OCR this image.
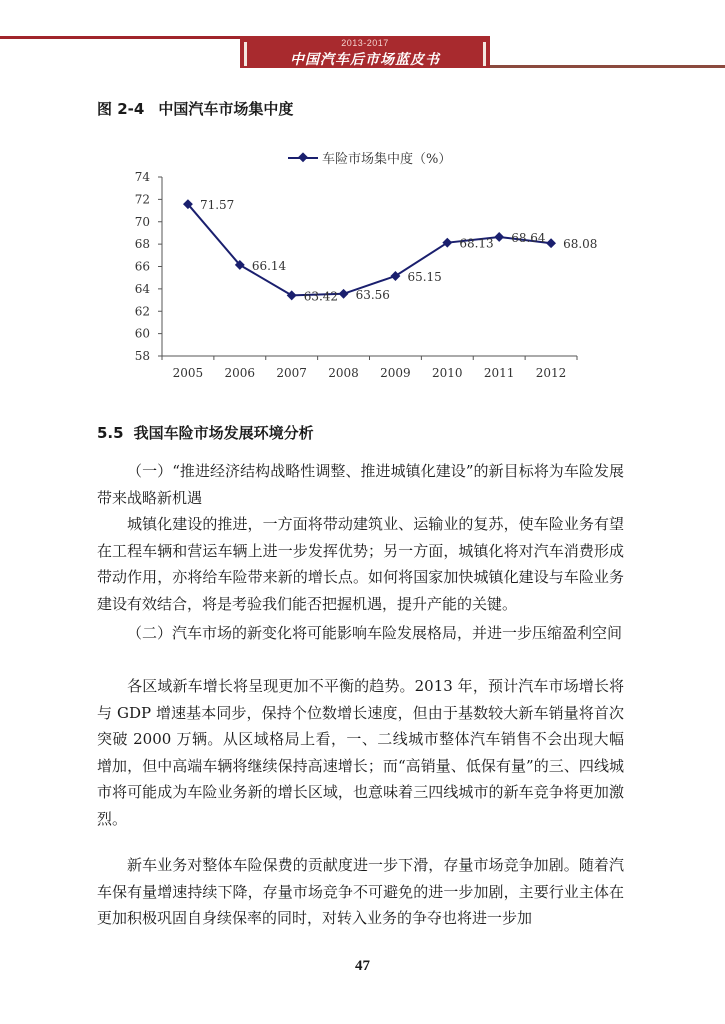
2013-2017
中国汽车后市场蓝皮书
图 2-4 中国汽车市场集中度
车险市场集中度（%）
58
60
62
64
66
68
70
72
74
2005 2006 2007 2008 2009 2010 2011 2012
71.57
66.14
63.42 63.56
65.15
68.13 68.64 68.08
5.5 我国车险市场发展环境分析
（一）“推进经济结构战略性调整、推进城镇化建设”的新目标将为车险发展带来战略新机遇
城镇化建设的推进，一方面将带动建筑业、运输业的复苏，使车险业务有望在工程车辆和营运车辆上进一步发挥优势；另一方面，城镇化将对汽车消费形成带动作用，亦将给车险带来新的增长点。如何将国家加快城镇化建设与车险业务建设有效结合，将是考验我们能否把握机遇，提升产能的关键。
（二）汽车市场的新变化将可能影响车险发展格局，并进一步压缩盈利空间
各区域新车增长将呈现更加不平衡的趋势。2013 年，预计汽车市场增长将与 GDP 增速基本同步，保持个位数增长速度，但由于基数较大新车销量将首次突破 2000 万辆。从区域格局上看，一、二线城市整体汽车销售不会出现大幅增加，但中高端车辆将继续保持高速增长；而“高销量、低保有量”的三、四线城市将可能成为车险业务新的增长区域，也意味着三四线城市的新车竞争将更加激烈。
新车业务对整体车险保费的贡献度进一步下滑，存量市场竞争加剧。随着汽车保有量增速持续下降，存量市场竞争不可避免的进一步加剧，主要行业主体在更加积极巩固自身续保率的同时，对转入业务的争夺也将进一步加
47
